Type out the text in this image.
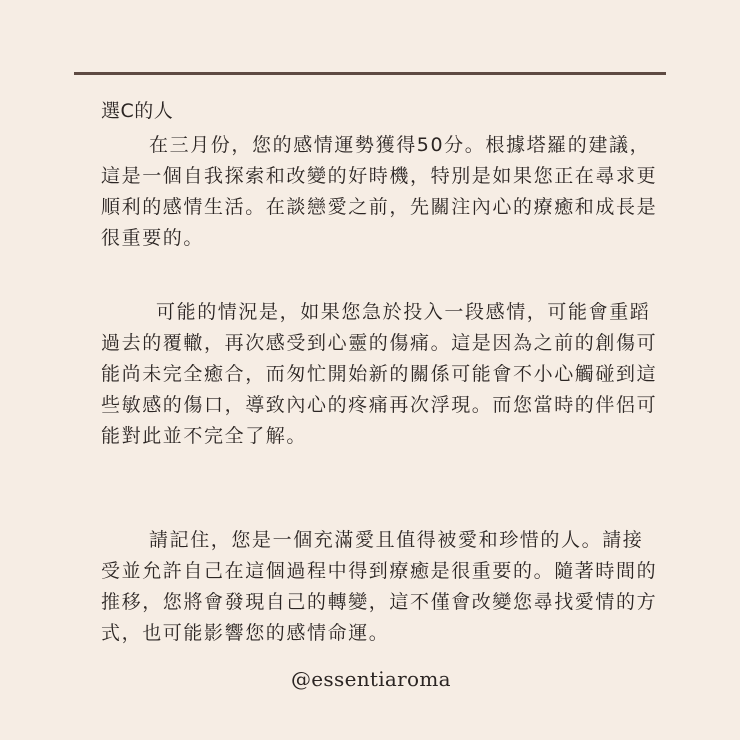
選C的人

在三月份，您的感情運勢獲得50分。根據塔羅的建議，這是一個自我探索和改變的好時機，特別是如果您正在尋求更順利的感情生活。在談戀愛之前，先關注內心的療癒和成長是很重要的。

可能的情況是，如果您急於投入一段感情，可能會重蹈過去的覆轍，再次感受到心靈的傷痛。這是因為之前的創傷可能尚未完全癒合，而匆忙開始新的關係可能會不小心觸碰到這些敏感的傷口，導致內心的疼痛再次浮現。而您當時的伴侶可能對此並不完全了解。

請記住，您是一個充滿愛且值得被愛和珍惜的人。請接受並允許自己在這個過程中得到療癒是很重要的。隨著時間的推移，您將會發現自己的轉變，這不僅會改變您尋找愛情的方式，也可能影響您的感情命運。

@essentiaroma
